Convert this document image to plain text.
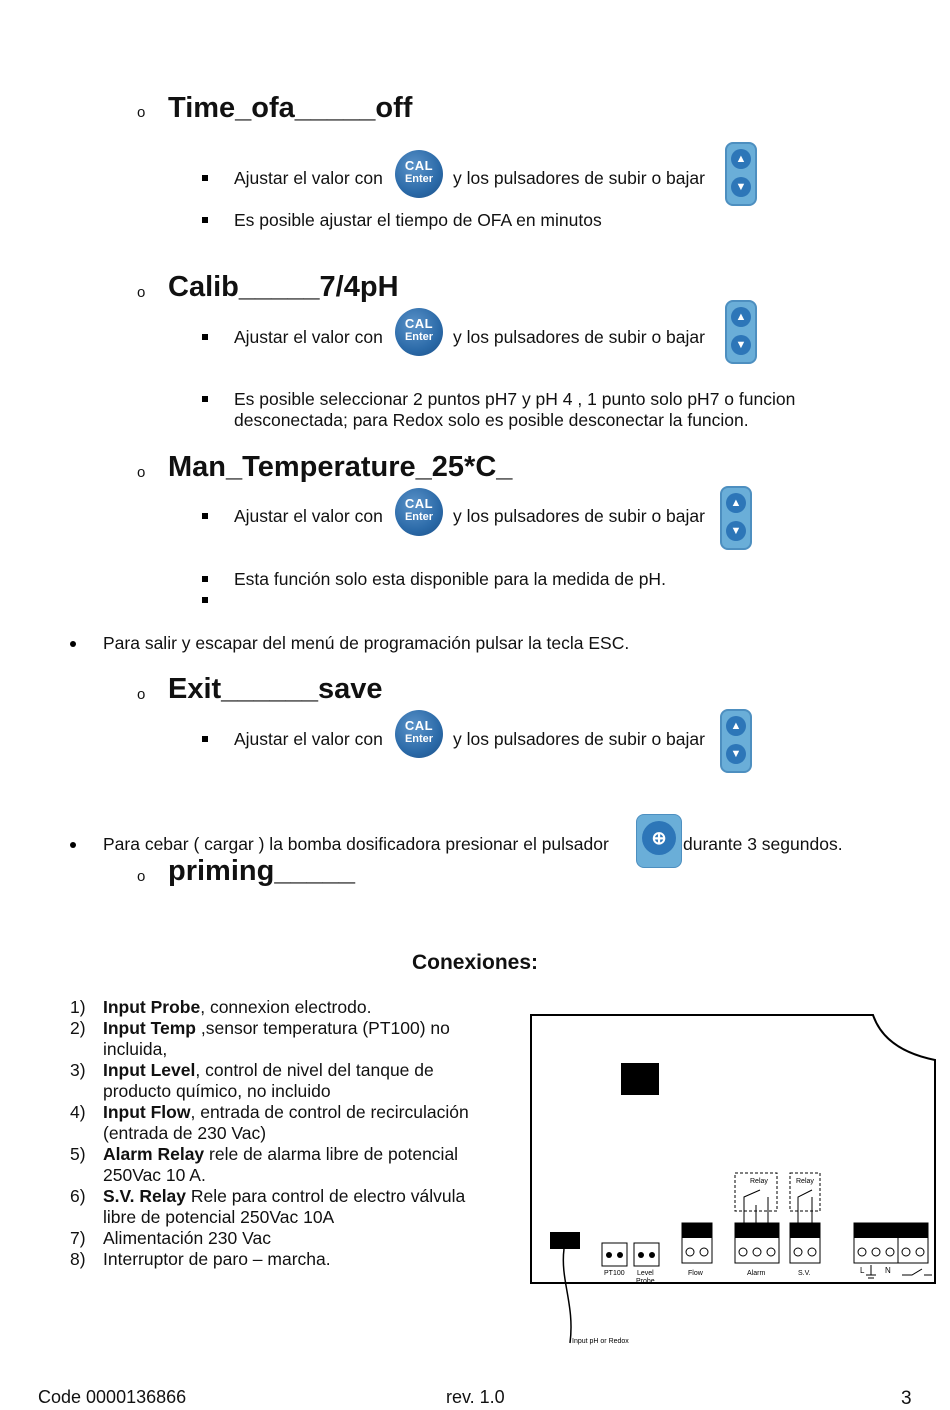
o Time_ofa_____off
Ajustar el valor con
CAL
Enter	y los pulsadores de subir o bajar
▲
▼
Es posible ajustar el tiempo de OFA en minutos
o Calib_____7/4pH
Ajustar el valor con
CAL
Enter	y los pulsadores de subir o bajar
▲
▼
Es posible seleccionar 2 puntos pH7 y pH 4 , 1 punto solo pH7 o funcion
desconectada; para Redox solo es posible desconectar la funcion.
o Man_Temperature_25*C_
Ajustar el valor con
CAL
Enter	y los pulsadores de subir o bajar
▲
▼
Esta función solo esta disponible para la medida de pH.
Para salir y escapar del menú de programación pulsar la tecla ESC.
o Exit______save
Ajustar el valor con
CAL
Enter	y los pulsadores de subir o bajar
▲
▼
Para cebar ( cargar ) la bomba dosificadora presionar el pulsador	⊕ durante 3 segundos.
o priming_____
Conexiones:
1) Input Probe, connexion electrodo.
2) Input Temp ,sensor temperatura (PT100) no incluida,
3) Input Level, control de nivel del tanque de producto químico, no incluido
4) Input Flow, entrada de control de recirculación (entrada de 230 Vac)
5) Alarm Relay rele de alarma libre de potencial 250Vac 10 A.
6) S.V. Relay Rele para control de electro válvula libre de potencial 250Vac 10A
7) Alimentación 230 Vac
8) Interruptor de paro – marcha.
Input pH or Redox
PT100 Level
Probe
Flow
Relay
Alarm
Relay
S.V.	L	N
Code 0000136866	rev. 1.0	3
